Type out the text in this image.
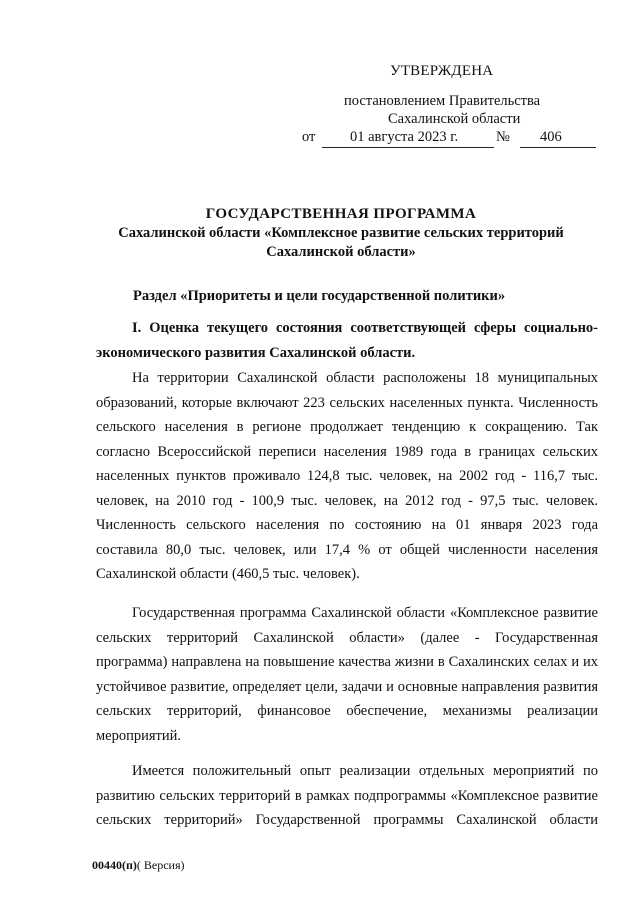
УТВЕРЖДЕНА
постановлением Правительства
Сахалинской области
от 01 августа 2023 г.	№ 406
ГОСУДАРСТВЕННАЯ ПРОГРАММА
Сахалинской области «Комплексное развитие сельских территорий
Сахалинской области»
Раздел «Приоритеты и цели государственной политики»

I. Оценка текущего состояния соответствующей сферы социально-экономического развития Сахалинской области.

На территории Сахалинской области расположены 18 муниципальных образований, которые включают 223 сельских населенных пункта. Численность сельского населения в регионе продолжает тенденцию к сокращению. Так согласно Всероссийской переписи населения 1989 года в границах сельских населенных пунктов проживало 124,8 тыс. человек, на 2002 год - 116,7 тыс. человек, на 2010 год - 100,9 тыс. человек, на 2012 год - 97,5 тыс. человек. Численность сельского населения по состоянию на 01 января 2023 года составила 80,0 тыс. человек, или 17,4 % от общей численности населения Сахалинской области (460,5 тыс. человек).

Государственная программа Сахалинской области «Комплексное развитие сельских территорий Сахалинской области» (далее - Государственная программа) направлена на повышение качества жизни в Сахалинских селах и их устойчивое развитие, определяет цели, задачи и основные направления развития сельских территорий, финансовое обеспечение, механизмы реализации мероприятий.

Имеется положительный опыт реализации отдельных мероприятий по развитию сельских территорий в рамках подпрограммы «Комплексное развитие сельских территорий» Государственной программы Сахалинской области

00440(п)( Версия)
